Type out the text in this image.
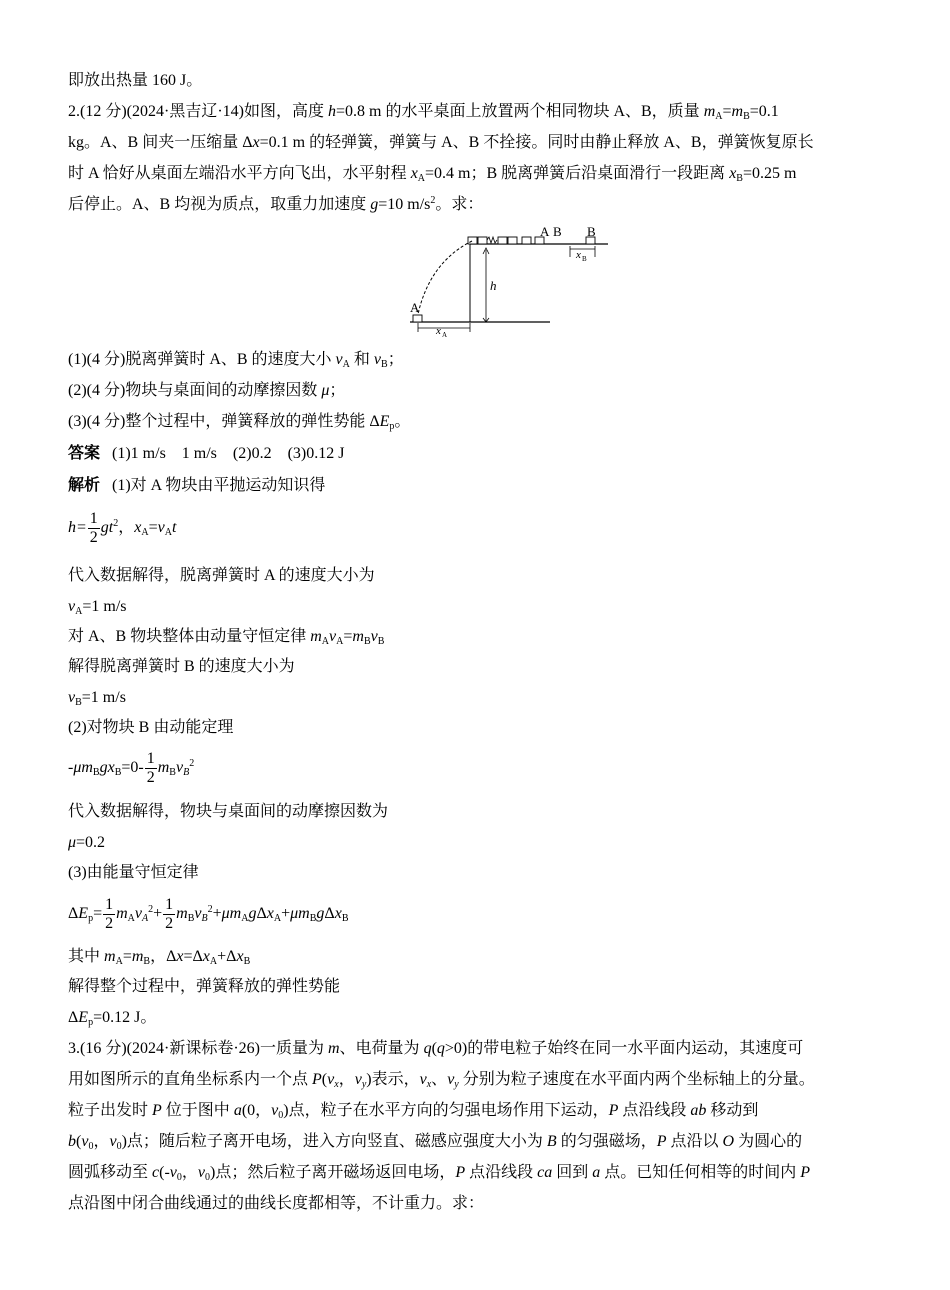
即放出热量 160 J。
2.(12 分)(2024·黑吉辽·14)如图，高度 h=0.8 m 的水平桌面上放置两个相同物块 A、B，质量 $m_A=m_B=0.1$
kg。A、B 间夹一压缩量 Δx=0.1 m 的轻弹簧，弹簧与 A、B 不拴接。同时由静止释放 A、B，弹簧恢复原长
时 A 恰好从桌面左端沿水平方向飞出，水平射程 $x_A=0.4$ m；B 脱离弹簧后沿桌面滑行一段距离 $x_B=0.25$ m
后停止。A、B 均视为质点，取重力加速度 g=10 $m/s^2$。求：
A B B
x B
A
h
x A
(1)(4 分)脱离弹簧时 A、B 的速度大小 $v_A$ 和 $v_B$；
(2)(4 分)物块与桌面间的动摩擦因数 μ；
(3)(4 分)整个过程中，弹簧释放的弹性势能 $\Delta E_p$。
答案 (1)1 m/s　1 m/s　(2)0.2　(3)0.12 J
解析 (1)对 A 物块由平抛运动知识得
$h= \frac{1}{2} gt^2$，$x_A=v_At$
代入数据解得，脱离弹簧时 A 的速度大小为
$v_A=1$ m/s
对 A、B 物块整体由动量守恒定律 $m_Av_A=m_Bv_B$
解得脱离弹簧时 B 的速度大小为
$v_B=1$ m/s
(2)对物块 B 由动能定理
$-\mu m_Bgx_B=0- \frac{1}{2} m_Bv_B^2$
代入数据解得，物块与桌面间的动摩擦因数为
μ=0.2
(3)由能量守恒定律
$\Delta E_p= \frac{1}{2} m_Av_A^2+ \frac{1}{2} m_Bv_B^2+\mu m_Ag\Delta x_A+\mu m_Bg\Delta x_B$
其中 $m_A=m_B$，$\Delta x=\Delta x_A+\Delta x_B$
解得整个过程中，弹簧释放的弹性势能
$\Delta E_p=0.12$ J。
3.(16 分)(2024·新课标卷·26)一质量为 m、电荷量为 q(q>0)的带电粒子始终在同一水平面内运动，其速度可
用如图所示的直角坐标系内一个点 $P(v_x$，$v_y$)表示，$v_x$、$v_y$ 分别为粒子速度在水平面内两个坐标轴上的分量。
粒子出发时 P 位于图中 a(0，$v_0$)点，粒子在水平方向的匀强电场作用下运动，P 点沿线段 ab 移动到
$b(v_0$，$v_0$)点；随后粒子离开电场，进入方向竖直、磁感应强度大小为 B 的匀强磁场，P 点沿以 O 为圆心的
圆弧移动至 $c(-v_0$，$v_0$)点；然后粒子离开磁场返回电场，P 点沿线段 ca 回到 a 点。已知任何相等的时间内 P
点沿图中闭合曲线通过的曲线长度都相等，不计重力。求：
